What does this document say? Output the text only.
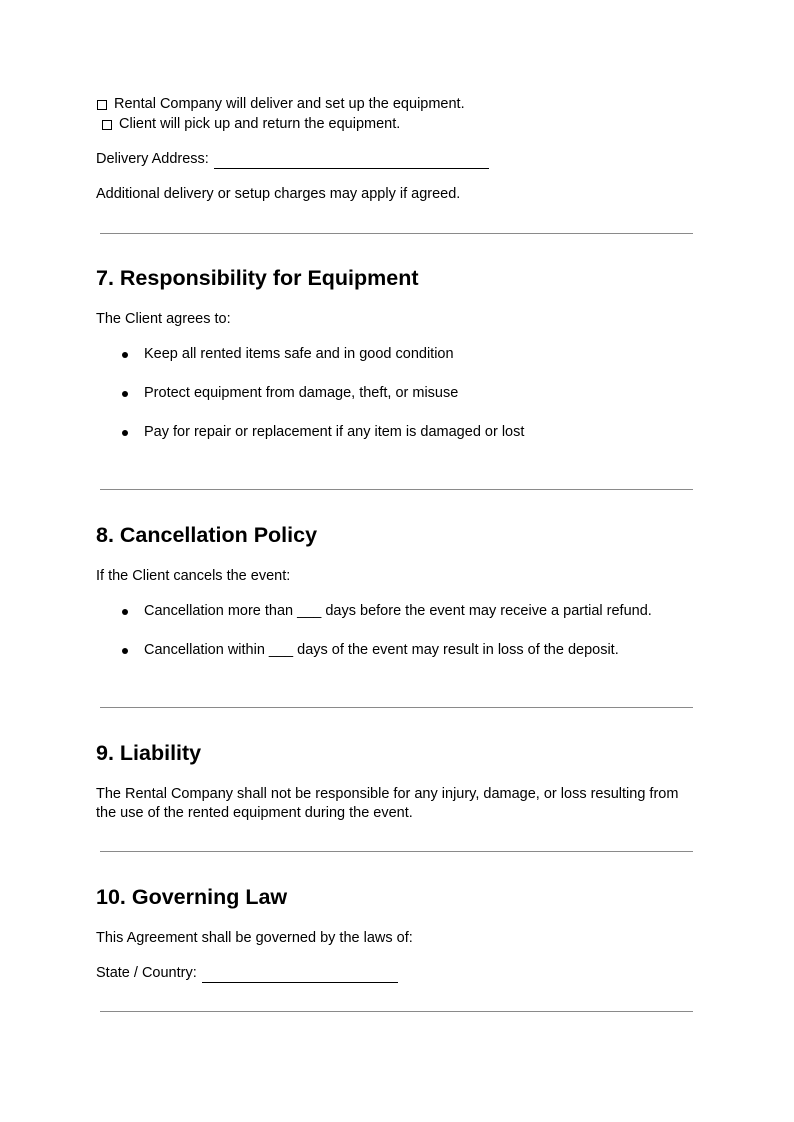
Rental Company will deliver and set up the equipment.
Client will pick up and return the equipment.
Delivery Address:
Additional delivery or setup charges may apply if agreed.
7. Responsibility for Equipment
The Client agrees to:
Keep all rented items safe and in good condition
Protect equipment from damage, theft, or misuse
Pay for repair or replacement if any item is damaged or lost
8. Cancellation Policy
If the Client cancels the event:
Cancellation more than ___ days before the event may receive a partial refund.
Cancellation within ___ days of the event may result in loss of the deposit.
9. Liability
The Rental Company shall not be responsible for any injury, damage, or loss resulting from
the use of the rented equipment during the event.
10. Governing Law
This Agreement shall be governed by the laws of:
State / Country:
